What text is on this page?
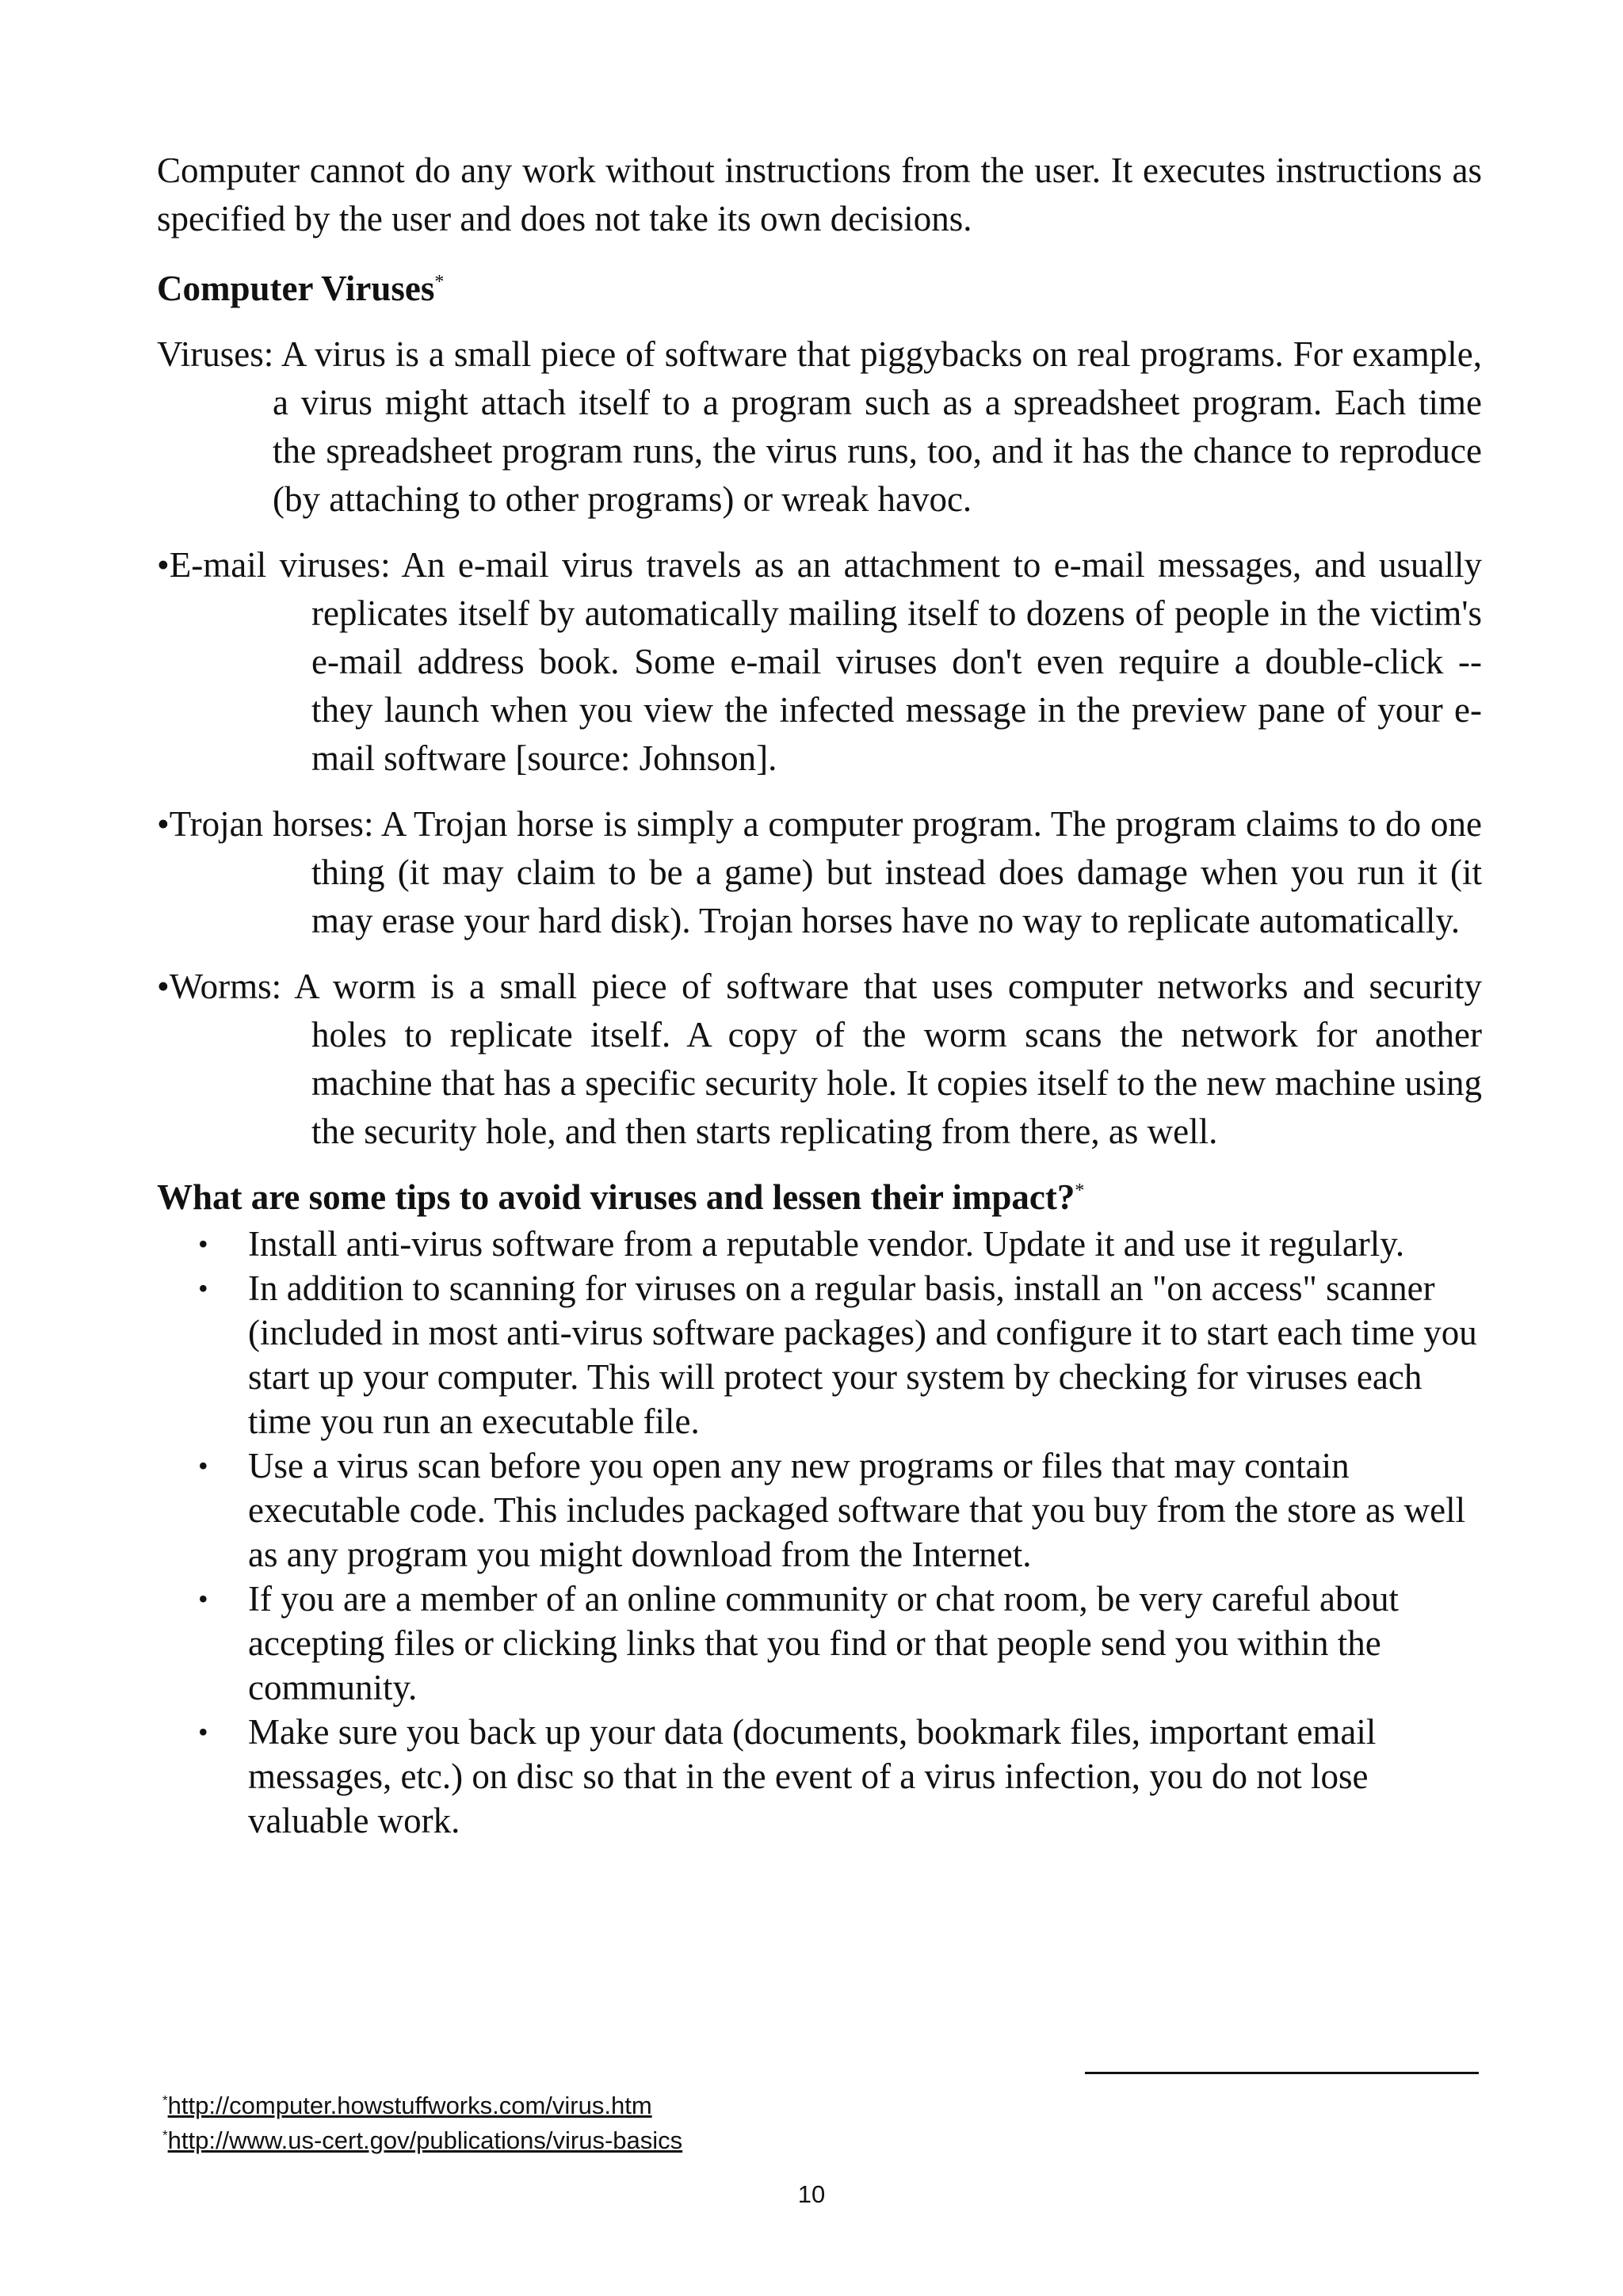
Computer cannot do any work without instructions from the user. It executes instructions as specified by the user and does not take its own decisions.

Computer Viruses*

Viruses: A virus is a small piece of software that piggybacks on real programs. For example, a virus might attach itself to a program such as a spreadsheet program. Each time the spreadsheet program runs, the virus runs, too, and it has the chance to reproduce (by attaching to other programs) or wreak havoc.

•E-mail viruses: An e-mail virus travels as an attachment to e-mail messages, and usually replicates itself by automatically mailing itself to dozens of people in the victim's e-mail address book. Some e-mail viruses don't even require a double-click -- they launch when you view the infected message in the preview pane of your e-mail software [source: Johnson].

•Trojan horses: A Trojan horse is simply a computer program. The program claims to do one thing (it may claim to be a game) but instead does damage when you run it (it may erase your hard disk). Trojan horses have no way to replicate automatically.

•Worms: A worm is a small piece of software that uses computer networks and security holes to replicate itself. A copy of the worm scans the network for another machine that has a specific security hole. It copies itself to the new machine using the security hole, and then starts replicating from there, as well.

What are some tips to avoid viruses and lessen their impact?*

• Install anti-virus software from a reputable vendor. Update it and use it regularly.
• In addition to scanning for viruses on a regular basis, install an "on access" scanner (included in most anti-virus software packages) and configure it to start each time you start up your computer. This will protect your system by checking for viruses each time you run an executable file.
• Use a virus scan before you open any new programs or files that may contain executable code. This includes packaged software that you buy from the store as well as any program you might download from the Internet.
• If you are a member of an online community or chat room, be very careful about accepting files or clicking links that you find or that people send you within the community.
• Make sure you back up your data (documents, bookmark files, important email messages, etc.) on disc so that in the event of a virus infection, you do not lose valuable work.
*http://computer.howstuffworks.com/virus.htm
*http://www.us-cert.gov/publications/virus-basics
10
